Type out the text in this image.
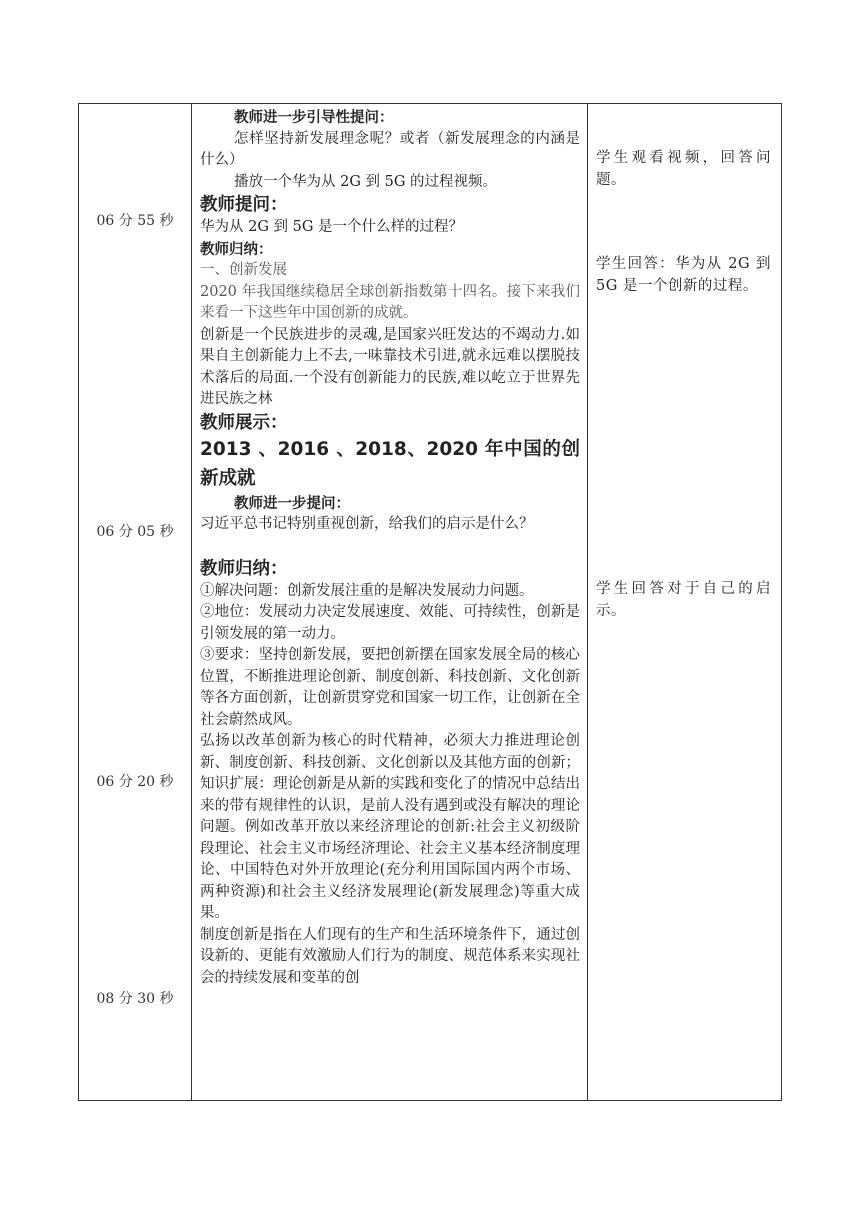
06 分 55 秒
06 分 05 秒
06 分 20 秒
08 分 30 秒

教师进一步引导性提问：

怎样坚持新发展理念呢？或者（新发展理念的内涵是什么）

播放一个华为从 2G 到 5G 的过程视频。

教师提问：

华为从 2G 到 5G 是一个什么样的过程？

教师归纳：

一、创新发展

2020 年我国继续稳居全球创新指数第十四名。接下来我们来看一下这些年中国创新的成就。

创新是一个民族进步的灵魂,是国家兴旺发达的不竭动力.如果自主创新能力上不去,一味靠技术引进,就永远难以摆脱技术落后的局面.一个没有创新能力的民族,难以屹立于世界先进民族之林

教师展示：

2013 、2016 、2018、2020 年中国的创新成就

教师进一步提问：

习近平总书记特别重视创新，给我们的启示是什么？

教师归纳：

①解决问题：创新发展注重的是解决发展动力问题。

②地位：发展动力决定发展速度、效能、可持续性，创新是引领发展的第一动力。

③要求：坚持创新发展，要把创新摆在国家发展全局的核心位置，不断推进理论创新、制度创新、科技创新、文化创新等各方面创新，让创新贯穿党和国家一切工作，让创新在全社会蔚然成风。

弘扬以改革创新为核心的时代精神，必须大力推进理论创新、制度创新、科技创新、文化创新以及其他方面的创新； 知识扩展：理论创新是从新的实践和变化了的情况中总结出来的带有规律性的认识，是前人没有遇到或没有解决的理论问题。例如改革开放以来经济理论的创新:社会主义初级阶段理论、社会主义市场经济理论、社会主义基本经济制度理论、中国特色对外开放理论(充分利用国际国内两个市场、两种资源)和社会主义经济发展理论(新发展理念)等重大成果。

制度创新是指在人们现有的生产和生活环境条件下，通过创设新的、更能有效激励人们行为的制度、规范体系来实现社会的持续发展和变革的创

学生观看视频，回答问题。

学生回答：华为从 2G 到 5G 是一个创新的过程。

学生回答对于自己的启示。
